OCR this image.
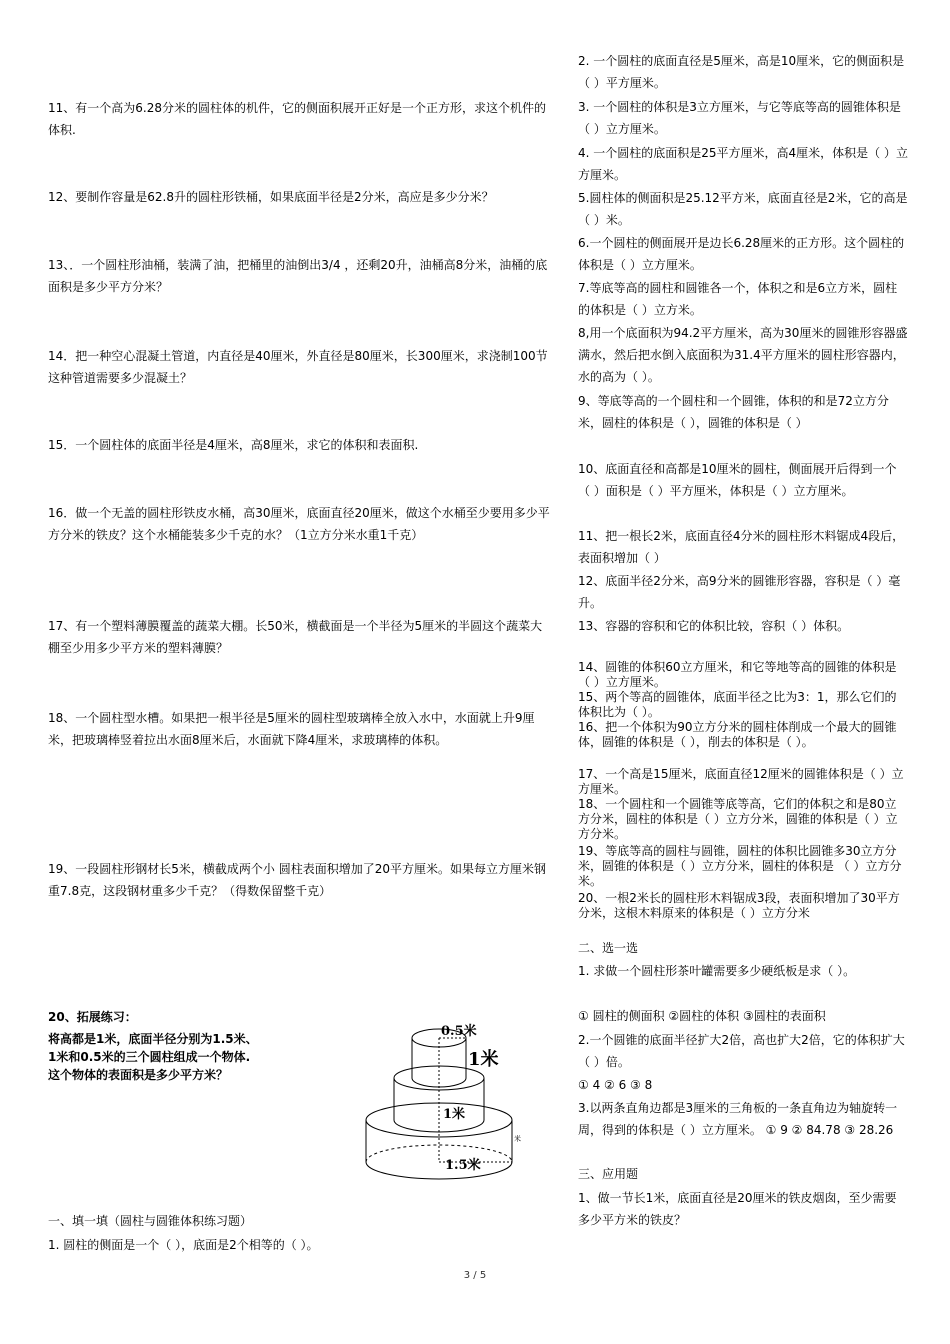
11、有一个高为6.28分米的圆柱体的机件，它的侧面积展开正好是一个正方形，求这个机件的体积.
12、要制作容量是62.8升的圆柱形铁桶，如果底面半径是2分米，高应是多少分米？
13、．一个圆柱形油桶，装满了油，把桶里的油倒出3/4 ，还剩20升，油桶高8分米，油桶的底面积是多少平方分米？
14．把一种空心混凝土管道，内直径是40厘米，外直径是80厘米，长300厘米，求浇制100节这种管道需要多少混凝土？
15．一个圆柱体的底面半径是4厘米，高8厘米，求它的体积和表面积.
16．做一个无盖的圆柱形铁皮水桶，高30厘米，底面直径20厘米，做这个水桶至少要用多少平方分米的铁皮？这个水桶能装多少千克的水？（1立方分米水重1千克）
17、有一个塑料薄膜覆盖的蔬菜大棚。长50米，横截面是一个半径为5厘米的半圆这个蔬菜大棚至少用多少平方米的塑料薄膜？
18、一个圆柱型水槽。如果把一根半径是5厘米的圆柱型玻璃棒全放入水中，水面就上升9厘米，把玻璃棒竖着拉出水面8厘米后，水面就下降4厘米，求玻璃棒的体积。
19、一段圆柱形钢材长5米，横截成两个小 圆柱表面积增加了20平方厘米。如果每立方厘米钢重7.8克，这段钢材重多少千克？（得数保留整千克）
20、拓展练习：
将高都是1米，底面半径分别为1.5米、
1米和0.5米的三个圆柱组成一个物体.
这个物体的表面积是多少平方米？
一、填一填（圆柱与圆锥体积练习题）
1. 圆柱的侧面是一个（ ），底面是2个相等的（ ）。
0.5米
1米
1米
1.5米
米
2. 一个圆柱的底面直径是5厘米，高是10厘米，它的侧面积是（ ）平方厘米。
3. 一个圆柱的体积是3立方厘米，与它等底等高的圆锥体积是（ ）立方厘米。
4. 一个圆柱的底面积是25平方厘米，高4厘米，体积是（ ）立方厘米。
5.圆柱体的侧面积是25.12平方米，底面直径是2米，它的高是（ ）米。
6.一个圆柱的侧面展开是边长6.28厘米的正方形。这个圆柱的体积是（ ）立方厘米。
7.等底等高的圆柱和圆锥各一个，体积之和是6立方米，圆柱的体积是（ ）立方米。
8,用一个底面积为94.2平方厘米，高为30厘米的圆锥形容器盛满水，然后把水倒入底面积为31.4平方厘米的圆柱形容器内，水的高为（ ）。
9、等底等高的一个圆柱和一个圆锥，体积的和是72立方分米，圆柱的体积是（ ），圆锥的体积是（ ）
10、底面直径和高都是10厘米的圆柱，侧面展开后得到一个（ ）面积是（ ）平方厘米，体积是（ ）立方厘米。
11、把一根长2米，底面直径4分米的圆柱形木料锯成4段后，表面积增加（ ）
12、底面半径2分米，高9分米的圆锥形容器，容积是（ ）毫升。
13、容器的容积和它的体积比较，容积（ ）体积。
14、圆锥的体积60立方厘米，和它等地等高的圆锥的体积是（ ）立方厘米。
15、两个等高的圆锥体，底面半径之比为3：1，那么它们的体积比为（ ）。
16、把一个体积为90立方分米的圆柱体削成一个最大的圆锥体，圆锥的体积是（ ），削去的体积是（ ）。
17、一个高是15厘米，底面直径12厘米的圆锥体积是（ ）立方厘米。
18、一个圆柱和一个圆锥等底等高，它们的体积之和是80立方分米，圆柱的体积是（ ）立方分米，圆锥的体积是（ ）立方分米。
19、等底等高的圆柱与圆锥，圆柱的体积比圆锥多30立方分米，圆锥的体积是（ ）立方分米，圆柱的体积是 （ ）立方分米。
20、一根2米长的圆柱形木料锯成3段，表面积增加了30平方分米，这根木料原来的体积是（ ）立方分米
二、选一选
1. 求做一个圆柱形茶叶罐需要多少硬纸板是求（ ）。
① 圆柱的侧面积 ②圆柱的体积 ③圆柱的表面积
2.一个圆锥的底面半径扩大2倍，高也扩大2倍，它的体积扩大（ ）倍。
① 4 ② 6 ③ 8
3.以两条直角边都是3厘米的三角板的一条直角边为轴旋转一周，得到的体积是（ ）立方厘米。 ① 9 ② 84.78 ③ 28.26
三、应用题
1、做一节长1米，底面直径是20厘米的铁皮烟囱，至少需要多少平方米的铁皮？
3 / 5
